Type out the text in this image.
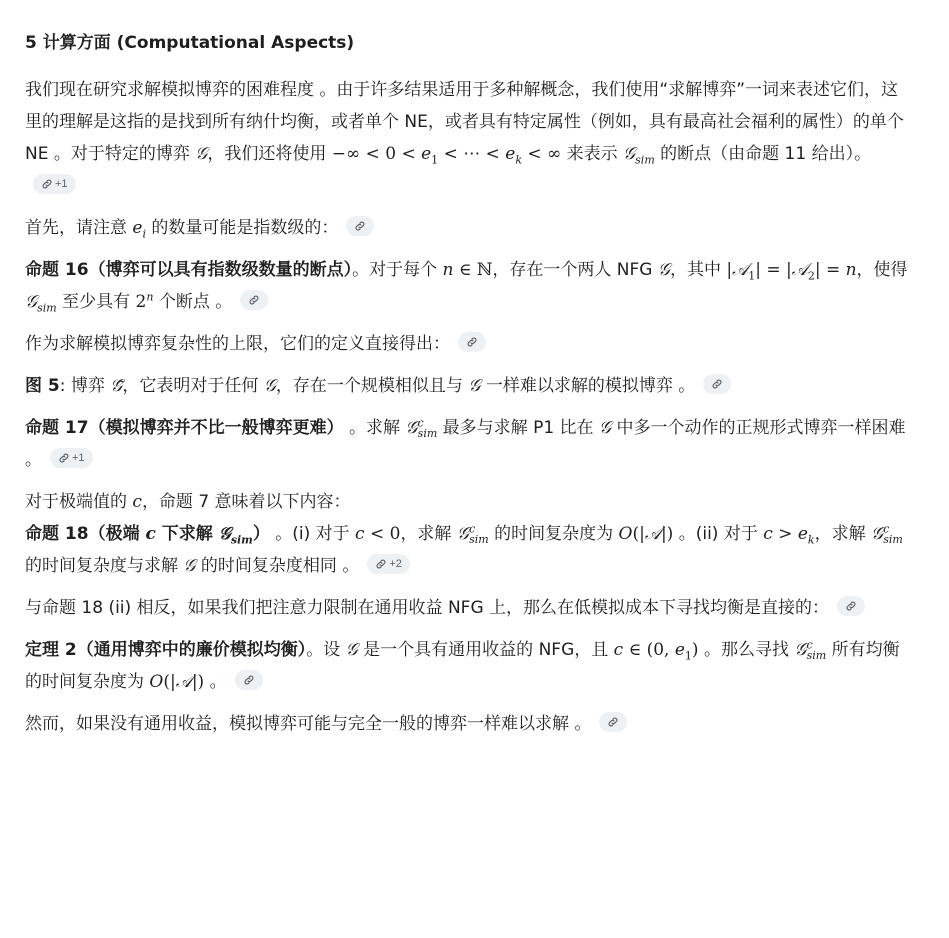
5 计算方面 (Computational Aspects)
我们现在研究求解模拟博弈的困难程度 。由于许多结果适用于多种解概念，我们使用“求解博弈”一词来表述它们，这里的理解是这指的是找到所有纳什均衡，或者单个 NE，或者具有特定属性（例如，具有最高社会福利的属性）的单个 NE 。对于特定的博弈 𝒢，我们还将使用 −∞ < $0 < e_1$ < ⋯ < $e_k$ < ∞ 来表示 𝒢$_{sim}$ 的断点（由命题 11 给出）。
+1
首先，请注意 $e_i$ 的数量可能是指数级的：
命题 16（博弈可以具有指数级数量的断点）。对于每个 n ∈ ℕ，存在一个两人 NFG 𝒢，其中 |𝒜$_1$| = |𝒜$_2$| = n，使得 𝒢$_{sim}$ 至少具有 2$^n$ 个断点 。
作为求解模拟博弈复杂性的上限，它们的定义直接得出：
图 5: 博弈 𝒢̃，它表明对于任何 𝒢，存在一个规模相似且与 𝒢 一样难以求解的模拟博弈 。
命题 17（模拟博弈并不比一般博弈更难） 。求解 𝒢$^c_{sim}$ 最多与求解 P1 比在 𝒢 中多一个动作的正规形式博弈一样困难 。	+1
对于极端值的 c，命题 7 意味着以下内容：
命题 18（极端 c 下求解 𝒢$_{sim}$） 。(i) 对于 c < 0，求解 𝒢$^c_{sim}$ 的时间复杂度为 O(|𝒜|) 。(ii) 对于 $c > e_k$，求解 𝒢$^c_{sim}$ 的时间复杂度与求解 𝒢 的时间复杂度相同 。	+2
与命题 18 (ii) 相反，如果我们把注意力限制在通用收益 NFG 上，那么在低模拟成本下寻找均衡是直接的：
定理 2（通用博弈中的廉价模拟均衡）。设 𝒢 是一个具有通用收益的 NFG，且 c ∈ (0, $e_1$) 。那么寻找 𝒢$^c_{sim}$ 所有均衡的时间复杂度为 O(|𝒜|) 。
然而，如果没有通用收益，模拟博弈可能与完全一般的博弈一样难以求解 。
